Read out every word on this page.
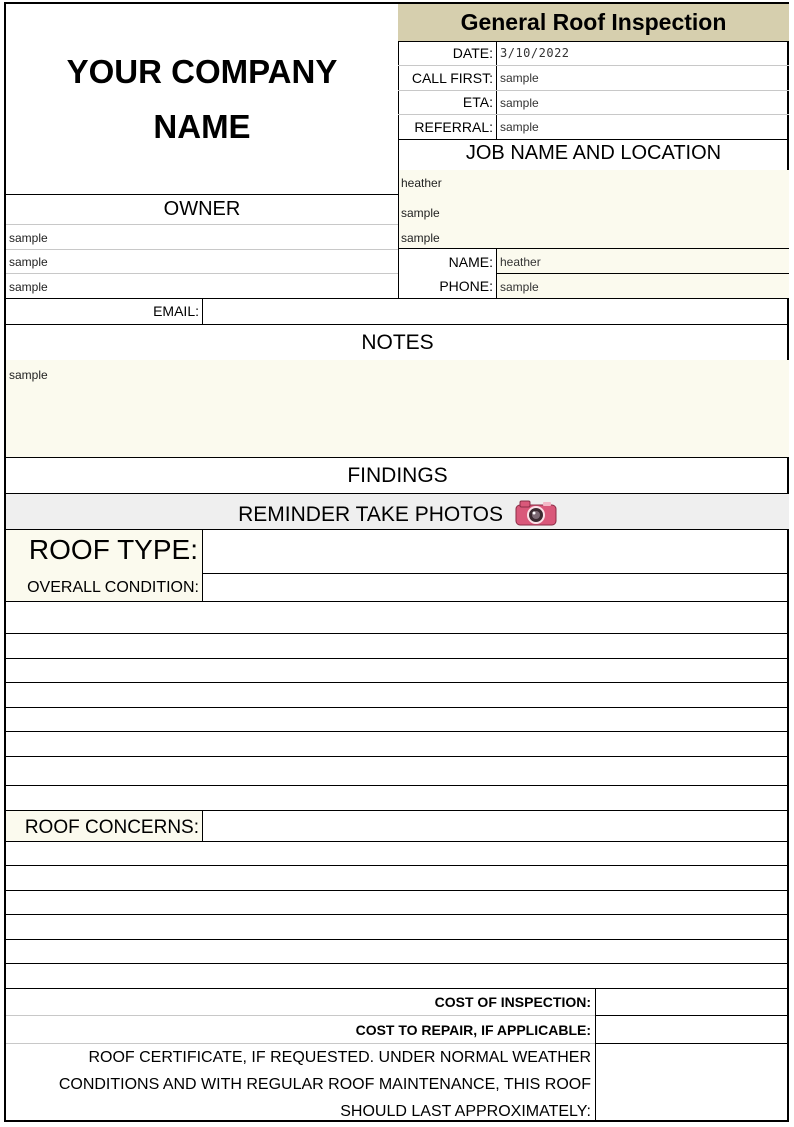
YOUR COMPANY
NAME
General Roof Inspection
DATE: 3/10/2022
CALL FIRST: sample
ETA: sample
REFERRAL: sample
JOB NAME AND LOCATION
heather
sample
sample
NAME: heather
PHONE: sample
OWNER
sample
sample
sample
EMAIL:
NOTES
sample
FINDINGS
REMINDER TAKE PHOTOS
ROOF TYPE:
OVERALL CONDITION:
ROOF CONCERNS:
COST OF INSPECTION:
COST TO REPAIR, IF APPLICABLE:
ROOF CERTIFICATE, IF REQUESTED. UNDER NORMAL WEATHER
CONDITIONS AND WITH REGULAR ROOF MAINTENANCE, THIS ROOF
SHOULD LAST APPROXIMATELY:
